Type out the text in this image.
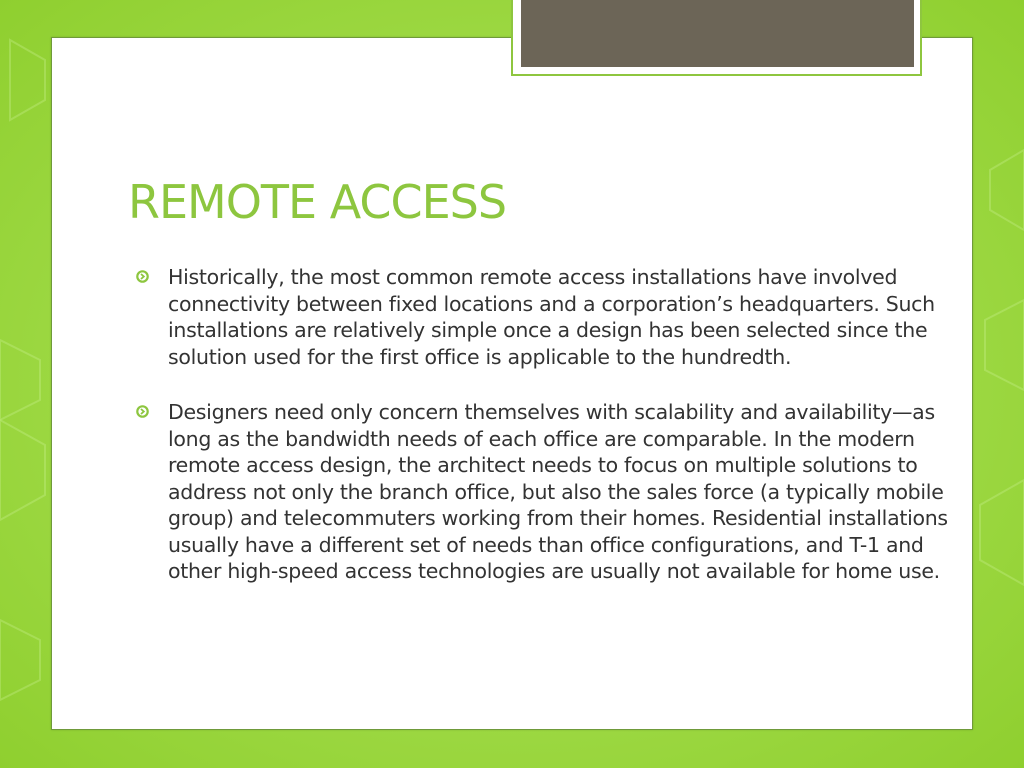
REMOTE ACCESS
Historically, the most common remote access installations have involved connectivity between fixed locations and a corporation’s headquarters. Such installations are relatively simple once a design has been selected since the solution used for the first office is applicable to the hundredth.
Designers need only concern themselves with scalability and availability—as long as the bandwidth needs of each office are comparable. In the modern remote access design, the architect needs to focus on multiple solutions to address not only the branch office, but also the sales force (a typically mobile group) and telecommuters working from their homes. Residential installations usually have a different set of needs than office configurations, and T-1 and other high-speed access technologies are usually not available for home use.
